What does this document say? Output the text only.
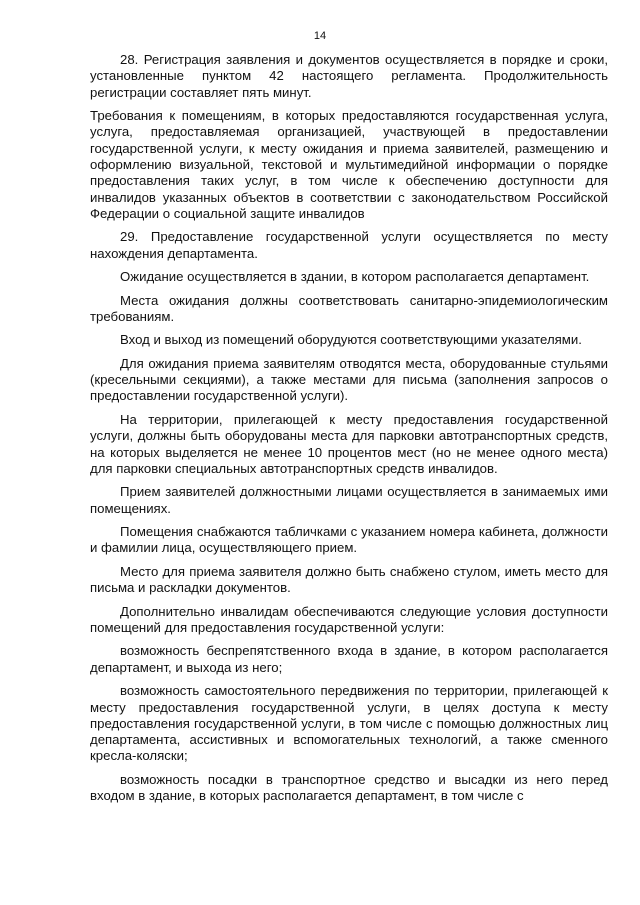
14

28. Регистрация заявления и документов осуществляется в порядке и сроки, установленные пунктом 42 настоящего регламента. Продолжительность регистрации составляет пять минут.

Требования к помещениям, в которых предоставляются государственная услуга, услуга, предоставляемая организацией, участвующей в предоставлении государственной услуги, к месту ожидания и приема заявителей, размещению и оформлению визуальной, текстовой и мультимедийной информации о порядке предоставления таких услуг, в том числе к обеспечению доступности для инвалидов указанных объектов в соответствии с законодательством Российской Федерации о социальной защите инвалидов

29. Предоставление государственной услуги осуществляется по месту нахождения департамента.

Ожидание осуществляется в здании, в котором располагается департамент.

Места ожидания должны соответствовать санитарно-эпидемиологическим требованиям.

Вход и выход из помещений оборудуются соответствующими указателями.

Для ожидания приема заявителям отводятся места, оборудованные стульями (кресельными секциями), а также местами для письма (заполнения запросов о предоставлении государственной услуги).

На территории, прилегающей к месту предоставления государственной услуги, должны быть оборудованы места для парковки автотранспортных средств, на которых выделяется не менее 10 процентов мест (но не менее одного места) для парковки специальных автотранспортных средств инвалидов.

Прием заявителей должностными лицами осуществляется в занимаемых ими помещениях.

Помещения снабжаются табличками с указанием номера кабинета, должности и фамилии лица, осуществляющего прием.

Место для приема заявителя должно быть снабжено стулом, иметь место для письма и раскладки документов.

Дополнительно инвалидам обеспечиваются следующие условия доступности помещений для предоставления государственной услуги:

возможность беспрепятственного входа в здание, в котором располагается департамент, и выхода из него;

возможность самостоятельного передвижения по территории, прилегающей к месту предоставления государственной услуги, в целях доступа к месту предоставления государственной услуги, в том числе с помощью должностных лиц департамента, ассистивных и вспомогательных технологий, а также сменного кресла-коляски;

возможность посадки в транспортное средство и высадки из него перед входом в здание, в которых располагается департамент, в том числе с
